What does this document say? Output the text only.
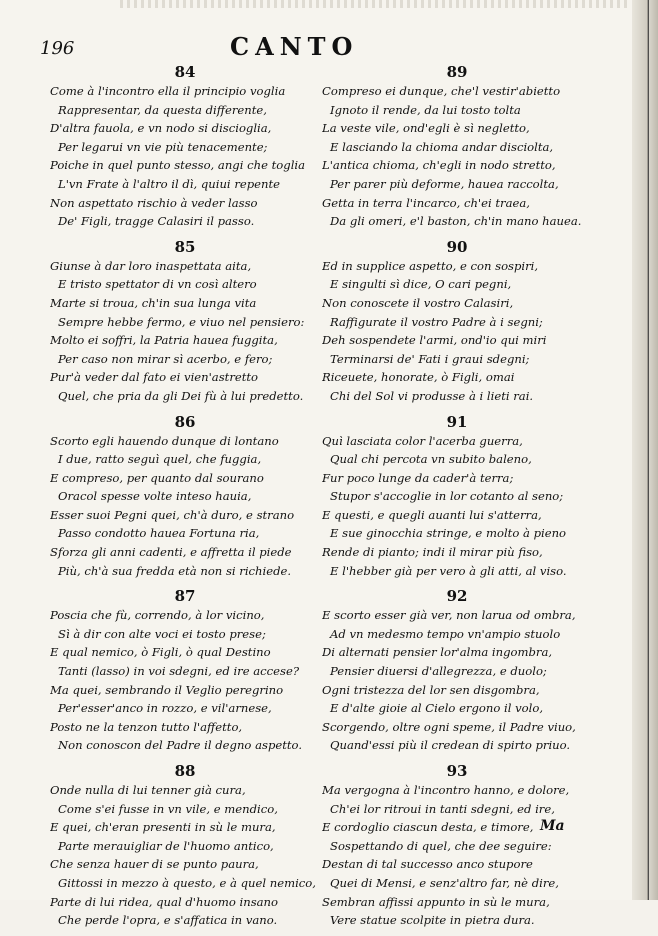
196	CANTO
84
Come à l'incontro ella il principio voglia
Rappresentar, da questa differente,
D'altra fauola, e vn nodo si discioglia,
Per legarui vn vie più tenacemente;
Poiche in quel punto stesso, angi che toglia
L'vn Frate à l'altro il dì, quiui repente
Non aspettato rischio à veder lasso
De' Figli, tragge Calasiri il passo.
85
Giunse à dar loro inaspettata aita,
E tristo spettator di vn così altero
Marte si troua, ch'in sua lunga vita
Sempre hebbe fermo, e viuo nel pensiero:
Molto ei soffri, la Patria haueа fuggita,
Per caso non mirar sì acerbo, e fero;
Pur'à veder dal fato ei vien'astretto
Quel, che pria da gli Dei fù à lui predetto.
86
Scorto egli hauendo dunque di lontano
I due, ratto seguì quel, che fuggia,
E compreso, per quanto dal sourano
Oracol spesse volte inteso hauia,
Esser suoi Pegni quei, ch'à duro, e strano
Passo condotto haueа Fortuna ria,
Sforza gli anni cadenti, e affretta il piede
Più, ch'à sua fredda età non si richiede.
87
Poscia che fù, correndo, à lor vicino,
Sì à dir con alte voci ei tosto prese;
E qual nemico, ò Figli, ò qual Destino
Tanti (lasso) in voi sdegni, ed ire accese?
Ma quei, sembrando il Veglio peregrino
Per'esser'anco in rozzo, e vil'arnese,
Posto ne la tenzon tutto l'affetto,
Non conoscon del Padre il degno aspetto.
88
Onde nulla di lui tenner già cura,
Come s'ei fusse in vn vile, e mendico,
E quei, ch'eran presenti in sù le mura,
Parte merauigliar de l'huomo antico,
Che senza hauer di se punto paura,
Gittossi in mezzo à questo, e à quel nemico,
Parte di lui ridea, qual d'huomo insano
Che perde l'opra, e s'affatica in vano.
89
Compreso ei dunque, che'l vestir'abietto
Ignoto il rende, da lui tosto tolta
La veste vile, ond'egli è sì negletto,
E lasciando la chioma andar disciolta,
L'antica chioma, ch'egli in nodo stretto,
Per parer più deforme, haueа raccolta,
Getta in terra l'incarco, ch'ei traea,
Da gli omeri, e'l baston, ch'in mano haueа.
90
Ed in supplice aspetto, e con sospiri,
E singulti sì dice, O cari pegni,
Non conoscete il vostro Calasiri,
Raffigurate il vostro Padre à i segni;
Deh sospendete l'armi, ond'io qui miri
Terminarsi de' Fati i graui sdegni;
Riceuete, honorate, ò Figli, omai
Chi del Sol vi produsse à i lieti rai.
91
Quì lasciata color l'acerba guerra,
Qual chi percota vn subito baleno,
Fur poco lunge da cader'à terra;
Stupor s'accoglie in lor cotanto al seno;
E questi, e quegli auanti lui s'atterra,
E sue ginocchia stringe, e molto à pieno
Rende di pianto; indi il mirar più fiso,
E l'hebber già per vero à gli atti, al viso.
92
E scorto esser già ver, non larua od ombra,
Ad vn medesmo tempo vn'ampio stuolo
Di alternati pensier lor'alma ingombra,
Pensier diuersi d'allegrezza, e duolo;
Ogni tristezza del lor sen disgombra,
E d'alte gioie al Cielo ergono il volo,
Scorgendo, oltre ogni speme, il Padre viuo,
Quand'essi più il credean di spirto priuo.
93
Ma vergogna à l'incontro hanno, e dolore,
Ch'ei lor ritroui in tanti sdegni, ed ire,
E cordoglio ciascun desta, e timore,
Sospettando di quel, che dee seguire:
Destan di tal successo anco stupore
Quei di Mensi, e senz'altro far, nè dire,
Sembran affissi appunto in sù le mura,
Vere statue scolpite in pietra dura.
Ma
